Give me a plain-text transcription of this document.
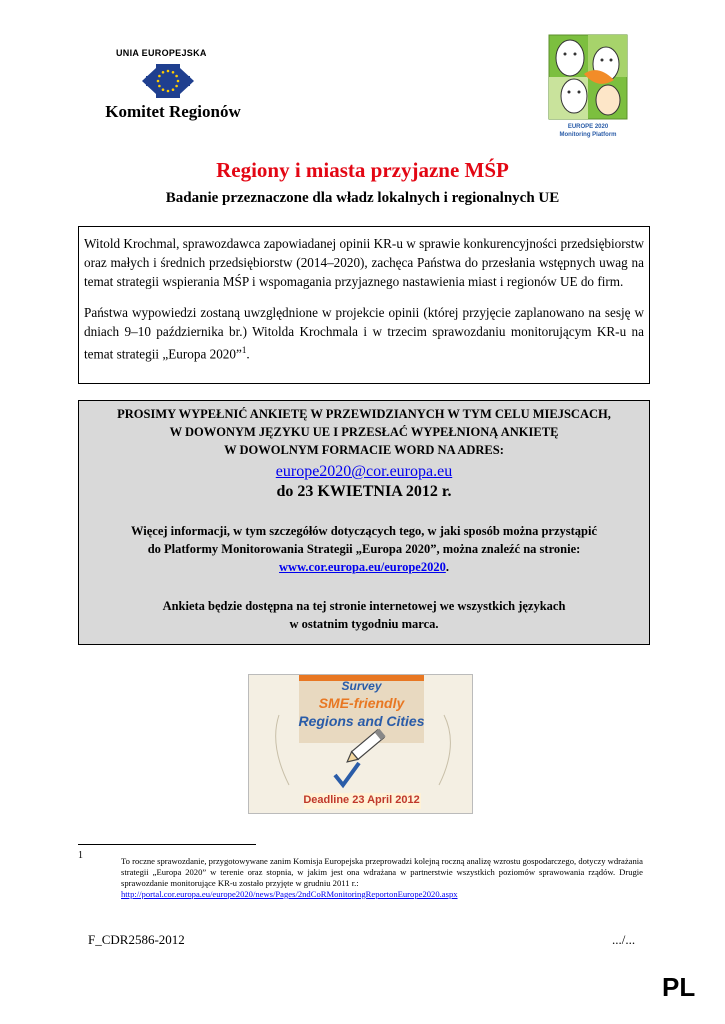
UNIA EUROPEJSKA
Komitet Regionów
EUROPE 2020
Monitoring Platform
Regiony i miasta przyjazne MŚP
Badanie przeznaczone dla władz lokalnych i regionalnych UE

Witold Krochmal, sprawozdawca zapowiadanej opinii KR-u w sprawie konkurencyjności przedsiębiorstw oraz małych i średnich przedsiębiorstw (2014–2020), zachęca Państwa do przesłania wstępnych uwag na temat strategii wspierania MŚP i wspomagania przyjaznego nastawienia miast i regionów UE do firm.

Państwa wypowiedzi zostaną uwzględnione w projekcie opinii (której przyjęcie zaplanowano na sesję w dniach 9–10 października br.) Witolda Krochmala i w trzecim sprawozdaniu monitorującym KR-u na temat strategii „Europa 2020”$^1$.

PROSIMY WYPEŁNIĆ ANKIETĘ W PRZEWIDZIANYCH W TYM CELU MIEJSCACH,
W DOWONYM JĘZYKU UE I PRZESŁAĆ WYPEŁNIONĄ ANKIETĘ
W DOWOLNYM FORMACIE WORD NA ADRES:
europe2020@cor.europa.eu
do 23 KWIETNIA 2012 r.
Więcej informacji, w tym szczegółów dotyczących tego, w jaki sposób można przystąpić
do Platformy Monitorowania Strategii „Europa 2020”, można znaleźć na stronie:
www.cor.europa.eu/europe2020.
Ankieta będzie dostępna na tej stronie internetowej we wszystkich językach
w ostatnim tygodniu marca.
Survey
SME-friendly
Regions and Cities
Deadline 23 April 2012
1	To roczne sprawozdanie, przygotowywane zanim Komisja Europejska przeprowadzi kolejną roczną analizę wzrostu gospodarczego, dotyczy wdrażania strategii „Europa 2020” w terenie oraz stopnia, w jakim jest ona wdrażana w partnerstwie wszystkich poziomów sprawowania rządów. Drugie sprawozdanie monitorujące KR-u zostało przyjęte w grudniu 2011 r.:
http://portal.cor.europa.eu/europe2020/news/Pages/2ndCoRMonitoringReportonEurope2020.aspx
F_CDR2586-2012	.../...
PL
